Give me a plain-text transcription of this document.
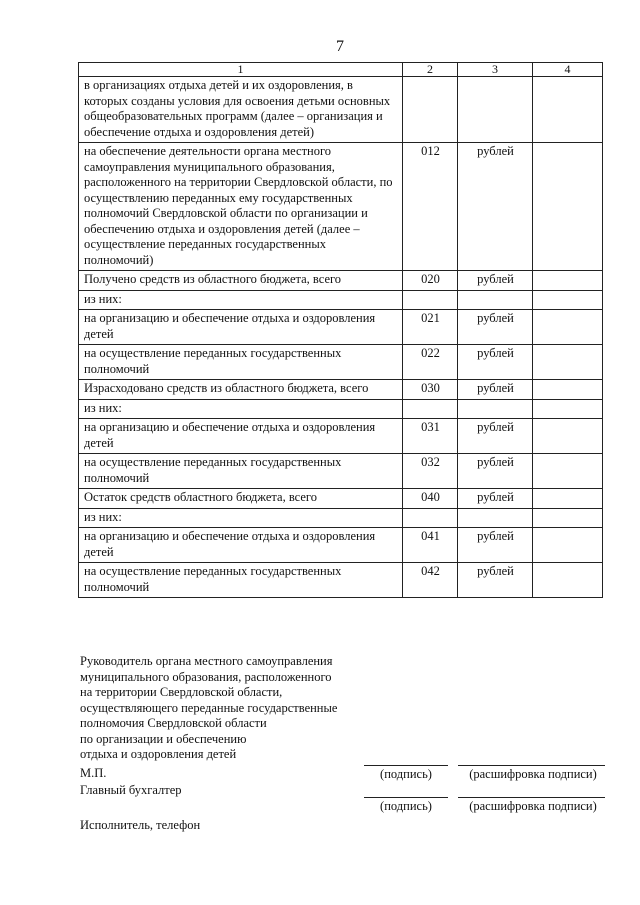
7
1	2	3	4
в организациях отдыха детей и их оздоровления, в которых созданы условия для освоения детьми основных общеобразовательных программ (далее – организация и обеспечение отдыха и оздоровления детей)			
на обеспечение деятельности органа местного самоуправления муниципального образования, расположенного на территории Свердловской области, по осуществлению переданных ему государственных полномочий Свердловской области по организации и обеспечению отдыха и оздоровления детей (далее – осуществление переданных государственных полномочий)	012	рублей	
Получено средств из областного бюджета, всего	020	рублей	
из них:			
на организацию и обеспечение отдыха и оздоровления детей	021	рублей	
на осуществление переданных государственных полномочий	022	рублей	
Израсходовано средств из областного бюджета, всего	030	рублей	
из них:			
на организацию и обеспечение отдыха и оздоровления детей	031	рублей	
на осуществление переданных государственных полномочий	032	рублей	
Остаток средств областного бюджета, всего	040	рублей	
из них:			
на организацию и обеспечение отдыха и оздоровления детей	041	рублей	
на осуществление переданных государственных полномочий	042	рублей	
Руководитель органа местного самоуправления
муниципального образования, расположенного
на территории Свердловской области,
осуществляющего переданные государственные
полномочия Свердловской области
по организации и обеспечению
отдыха и оздоровления детей
М.П.
Главный бухгалтер
Исполнитель, телефон
(подпись)	(расшифровка подписи)
(подпись)	(расшифровка подписи)
